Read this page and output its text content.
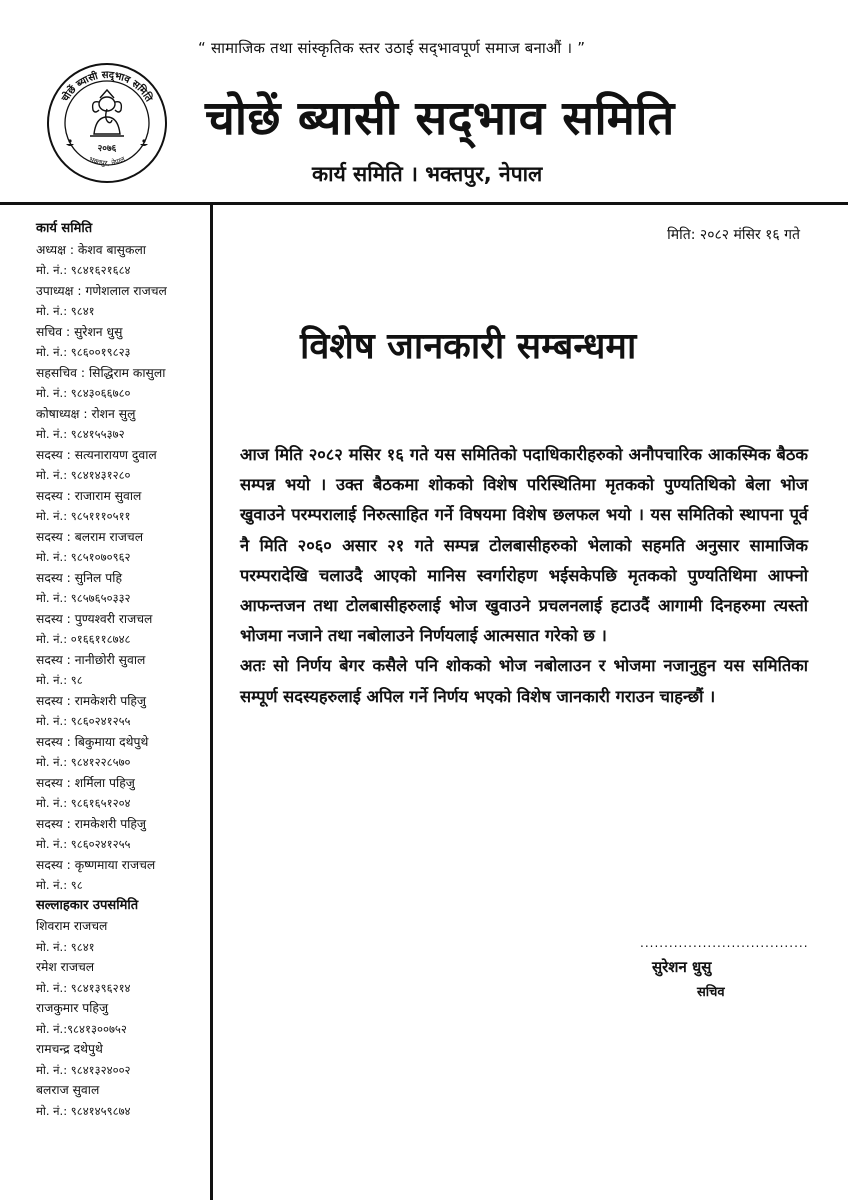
“ सामाजिक तथा सांस्कृतिक स्तर उठाई सद्‌भावपूर्ण समाज बनाऔं । ”
चोछें ब्यासी सद्‌भाव समिति
भक्तपुर, नेपाल
२०७६
चोछें ब्यासी सद्‌भाव समिति
कार्य समिति । भक्तपुर, नेपाल
कार्य समिति
अध्यक्ष : केशव बासुकला
मो. नं.: ९८४१६२१६८४
उपाध्यक्ष : गणेशलाल राजचल
मो. नं.: ९८४१
सचिव : सुरेशन धुसु
मो. नं.: ९८६००१९८२३
सहसचिव : सिद्धिराम कासुला
मो. नं.: ९८४३०६६७८०
कोषाध्यक्ष : रोशन सुलु
मो. नं.: ९८४१५५३७२
सदस्य : सत्यनारायण दुवाल
मो. नं.: ९८४१४३१२८०
सदस्य : राजाराम सुवाल
मो. नं.: ९८५१११०५११
सदस्य : बलराम राजचल
मो. नं.: ९८५१०७०९६२
सदस्य : सुनिल पहि
मो. नं.: ९८५७६५०३३२
सदस्य : पुण्यश्वरी राजचल
मो. नं.: ०१६६११८७४८
सदस्य : नानीछोरी सुवाल
मो. नं.: ९८
सदस्य : रामकेशरी पहिजु
मो. नं.: ९८६०२४१२५५
सदस्य : बिकुमाया दथेपुथे
मो. नं.: ९८४१२२८५७०
सदस्य : शर्मिला पहिजु
मो. नं.: ९८६१६५१२०४
सदस्य : रामकेशरी पहिजु
मो. नं.: ९८६०२४१२५५
सदस्य : कृष्णमाया राजचल
मो. नं.: ९८
सल्लाहकार उपसमिति
शिवराम राजचल
मो. नं.: ९८४१
रमेश राजचल
मो. नं.: ९८४१३९६२१४
राजकुमार पहिजु
मो. नं.:९८४१३००७५२
रामचन्द्र दथेपुथे
मो. नं.: ९८४१३२४००२
बलराज सुवाल
मो. नं.: ९८४१४५९८७४
मिति: २०८२ मंसिर १६ गते
विशेष जानकारी सम्बन्धमा

आज मिति २०८२ मसिर १६ गते यस समितिको पदाधिकारीहरुको अनौपचारिक आकस्मिक बैठक सम्पन्न भयो । उक्त बैठकमा शोकको विशेष परिस्थितिमा मृतकको पुण्यतिथिको बेला भोज खुवाउने परम्परालाई निरुत्साहित गर्ने विषयमा विशेष छलफल भयो । यस समितिको स्थापना पूर्व नै मिति २०६० असार २१ गते सम्पन्न टोलबासीहरुको भेलाको सहमति अनुसार सामाजिक परम्परादेखि चलाउदै आएको मानिस स्वर्गारोहण भईसकेपछि मृतकको पुण्यतिथिमा आफ्नो आफन्तजन तथा टोलबासीहरुलाई भोज खुवाउने प्रचलनलाई हटाउदैं आगामी दिनहरुमा त्यस्तो भोजमा नजाने तथा नबोलाउने निर्णयलाई आत्मसात गरेको छ ।

अतः सो निर्णय बेगर कसैले पनि शोकको भोज नबोलाउन र भोजमा नजानुहुन यस समितिका सम्पूर्ण सदस्यहरुलाई अपिल गर्ने निर्णय भएको विशेष जानकारी गराउन चाहन्छौं ।

...................................
सुरेशन धुसु
सचिव
